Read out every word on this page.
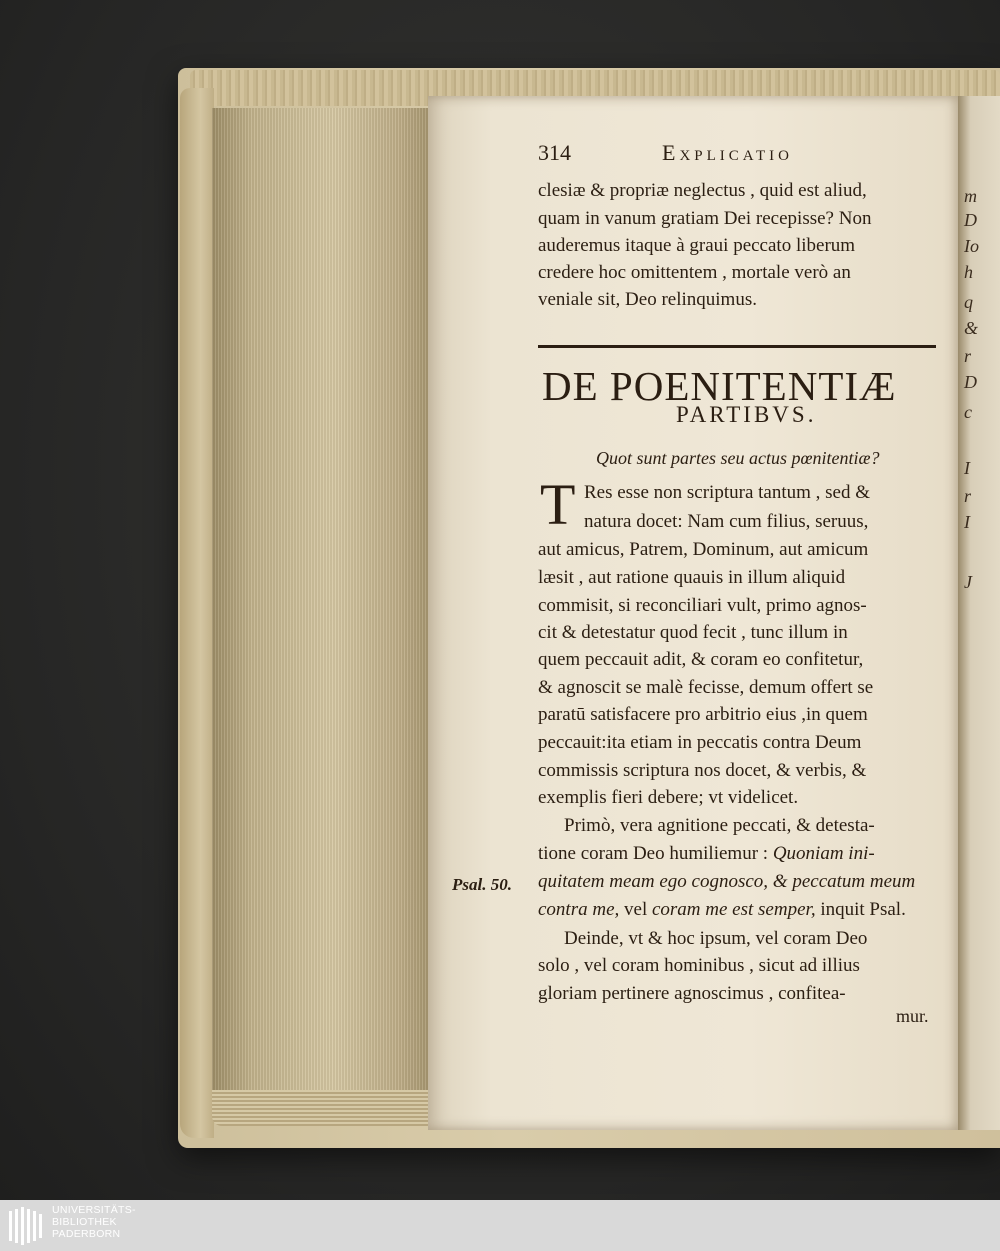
m
D
Io
h
q
&
r
D
c
I
r
I
J
314	Explicatio
clesiæ & propriæ neglectus , quid est aliud,
quam in vanum gratiam Dei recepisse? Non
auderemus itaque à graui peccato liberum
credere hoc omittentem , mortale verò an
veniale sit, Deo relinquimus.
DE POENITENTIÆ
PARTIBVS.
Quot sunt partes seu actus pœnitentiæ?
T Res esse non scriptura tantum , sed &
natura docet: Nam cum filius, seruus,
aut amicus, Patrem, Dominum, aut amicum
læsit , aut ratione quauis in illum aliquid
commisit, si reconciliari vult, primo agnos-
cit & detestatur quod fecit , tunc illum in
quem peccauit adit, & coram eo confitetur,
& agnoscit se malè fecisse, demum offert se
paratū satisfacere pro arbitrio eius ,in quem
peccauit:ita etiam in peccatis contra Deum
commissis scriptura nos docet, & verbis, &
exemplis fieri debere; vt videlicet.
Primò, vera agnitione peccati, & detesta-
tione coram Deo humiliemur : Quoniam ini-
quitatem meam ego cognosco, & peccatum meum
contra me, vel coram me est semper, inquit Psal.
Psal. 50.
Deinde, vt & hoc ipsum, vel coram Deo
solo , vel coram hominibus , sicut ad illius
gloriam pertinere agnoscimus , confitea-
mur.
UNIVERSITÄTS-
BIBLIOTHEK
PADERBORN
